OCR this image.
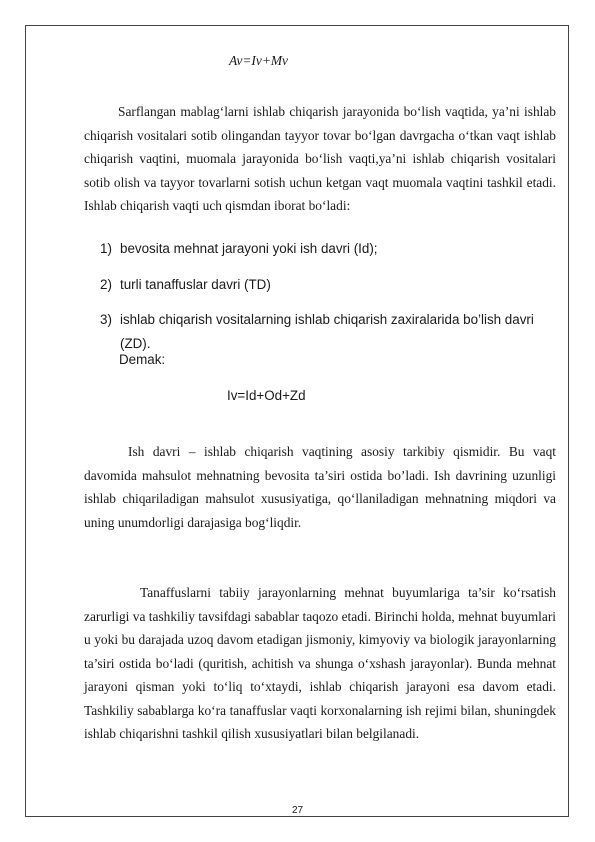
Av=Iv+Mv

Sarflangan mablag‘larni ishlab chiqarish jarayonida bo‘lish vaqtida, ya’ni ishlab chiqarish vositalari sotib olingandan tayyor tovar bo‘lgan davrgacha o‘tkan vaqt ishlab chiqarish vaqtini, muomala jarayonida bo‘lish vaqti,ya’ni ishlab chiqarish vositalari sotib olish va tayyor tovarlarni sotish uchun ketgan vaqt muomala vaqtini tashkil etadi. Ishlab chiqarish vaqti uch qismdan iborat bo‘ladi:

1) bevosita mehnat jarayoni yoki ish davri (Id);
2) turli tanaffuslar davri (TD)
3) ishlab chiqarish vositalarning ishlab chiqarish zaxiralarida bo’lish davri (ZD).
Demak:
Iv=Id+Od+Zd

Ish davri – ishlab chiqarish vaqtining asosiy tarkibiy qismidir. Bu vaqt davomida mahsulot mehnatning bevosita ta’siri ostida bo’ladi. Ish davrining uzunligi ishlab chiqariladigan mahsulot xususiyatiga, qo‘llaniladigan mehnatning miqdori va uning unumdorligi darajasiga bog‘liqdir.

Tanaffuslarni tabiiy jarayonlarning mehnat buyumlariga ta’sir ko‘rsatish zarurligi va tashkiliy tavsifdagi sabablar taqozo etadi. Birinchi holda, mehnat buyumlari u yoki bu darajada uzoq davom etadigan jismoniy, kimyoviy va biologik jarayonlarning ta’siri ostida bo‘ladi (quritish, achitish va shunga o‘xshash jarayonlar). Bunda mehnat jarayoni qisman yoki to‘liq to‘xtaydi, ishlab chiqarish jarayoni esa davom etadi. Tashkiliy sabablarga ko‘ra tanaffuslar vaqti korxonalarning ish rejimi bilan, shuningdek ishlab chiqarishni tashkil qilish xususiyatlari bilan belgilanadi.

27
